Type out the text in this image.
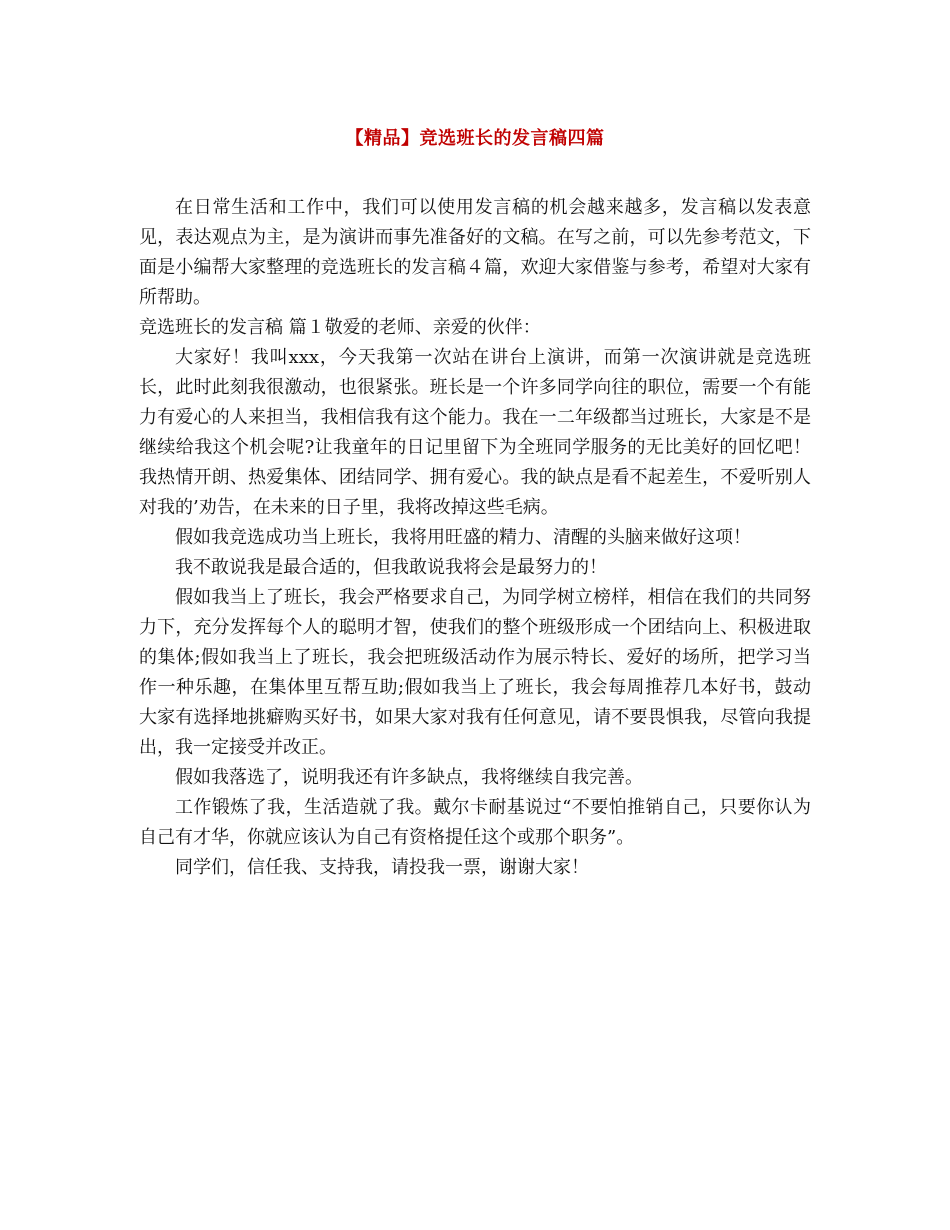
【精品】竞选班长的发言稿四篇

在日常生活和工作中，我们可以使用发言稿的机会越来越多，发言稿以发表意见，表达观点为主，是为演讲而事先准备好的文稿。在写之前，可以先参考范文，下面是小编帮大家整理的竞选班长的发言稿４篇，欢迎大家借鉴与参考，希望对大家有所帮助。

竞选班长的发言稿 篇１敬爱的老师、亲爱的伙伴：

大家好！我叫xxx，今天我第一次站在讲台上演讲，而第一次演讲就是竞选班长，此时此刻我很激动，也很紧张。班长是一个许多同学向往的职位，需要一个有能力有爱心的人来担当，我相信我有这个能力。我在一二年级都当过班长，大家是不是继续给我这个机会呢?让我童年的日记里留下为全班同学服务的无比美好的回忆吧！我热情开朗、热爱集体、团结同学、拥有爱心。我的缺点是看不起差生，不爱听别人对我的’劝告，在未来的日子里，我将改掉这些毛病。

假如我竞选成功当上班长，我将用旺盛的精力、清醒的头脑来做好这项！

我不敢说我是最合适的，但我敢说我将会是最努力的！

假如我当上了班长，我会严格要求自己，为同学树立榜样，相信在我们的共同努力下，充分发挥每个人的聪明才智，使我们的整个班级形成一个团结向上、积极进取的集体;假如我当上了班长，我会把班级活动作为展示特长、爱好的场所，把学习当作一种乐趣，在集体里互帮互助;假如我当上了班长，我会每周推荐几本好书，鼓动大家有选择地挑癖购买好书，如果大家对我有任何意见，请不要畏惧我，尽管向我提出，我一定接受并改正。

假如我落选了，说明我还有许多缺点，我将继续自我完善。

工作锻炼了我，生活造就了我。戴尔卡耐基说过“不要怕推销自己，只要你认为自己有才华，你就应该认为自己有资格提任这个或那个职务”。

同学们，信任我、支持我，请投我一票，谢谢大家！
